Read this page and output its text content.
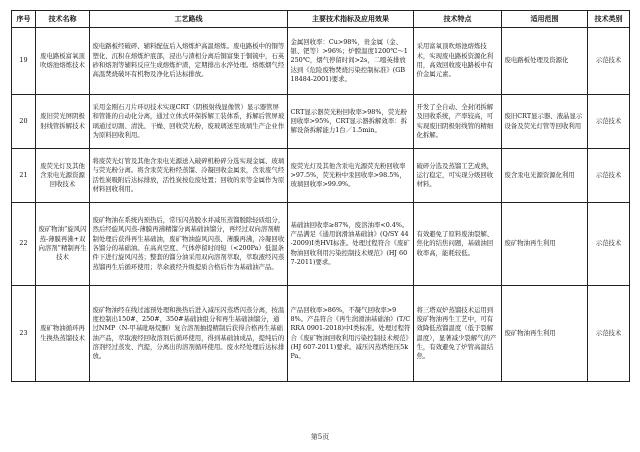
序号	技术名称	工艺路线	主要技术指标及应用效果	技术特点	适用范围	技术类别
19	废电路板富氧顶吹熔池熔炼技术	废电路板经破碎、辅料配伍后入熔炼炉高温熔炼。废电路板中的铜等塑化、沉积在熔炼炉底部，浸出与渣相分离后铜富集于铜锍中，石英砂和熔剂等辅料反应生成熔炼炉渣，定期排出水淬处理。熔炼烟气经高温焚烧破坏有机物及净化后达标排放。	金属回收率：Cu>98%，贵金属（金、银、钯等）>96%；炉膛温度1200℃～1250℃，烟气停留时间>2s，二噁英排放达到《危险废物焚烧污染控制标准》(GB 18484-2001)要求。	采用富氧顶吹熔池熔炼技术，实现废电路板资源化利用，高效回收废电路板中有价金属元素。	废电路板处理及资源化	示范技术
20	废旧荧光屏阴极射线管拆解技术	采用金刚石刀片环切技术实现CRT（阴极射线显像管）显示器管屏和管锥的自动化分离，通过立体式环保拆解工装体系，拆解后管屏玻璃通过切割、清洗、干燥、回收荧光粉，废玻璃送至玻璃生产企业作为原料回收利用。	CRT显示器荧光粉回收率>98%，荧光粉回收率>95%，CRT显示器拆解效率：拆解设备拆解能力1台／1.5min。	开发了全自动、全封闭拆解及回收系统，产率较高，可实现废旧阴极射线管的精细化拆解。	废旧CRT显示器、液晶显示设备及荧光灯管等回收利用	示范技术
21	废荧光灯及其他含汞电光源资源回收技术	将废荧光灯管及其他含汞电光源送入破碎机粉碎分选实现金属、玻璃与荧光粉分离。将含汞荧光粉经蒸馏、冷凝回收金属汞，含汞废气经活性炭吸附后达标排放，活性炭按危废处置；回收的汞等金属作为原材料回收利用。	废荧光灯及其他含汞电光源荧光粉回收率>97.5%，荧光粉中汞回收率>98.5%，玻璃回收率>99.9%。	破碎分选及蒸馏工艺成熟，运行稳定，可实现分级回收材料。	废含汞电光源资源化利用	示范技术
22	废矿物油“旋风闪蒸-薄膜再沸+双向溶剂”精制再生技术	废矿物油在系统内预热后，常压闪蒸脱水并减压蒸馏脱除轻质组分，然后经旋风闪蒸-薄膜再沸精馏分离基础油馏分，再经过双向溶剂精制处理后获得再生基础油，废矿物油旋风闪蒸、薄膜再沸，冷凝回收各馏分的基础油。在高真空度、气体停留时间短（<200Pa）低温条件下进行旋风闪蒸；整套的馏分油采用双向溶剂萃取，萃取液经闪蒸蒸馏再生后循环使用；萃余液经升级提质合格后作为基础油产品。	基础油回收率≥87%，废溶油率<0.4%。产品满足《通用润滑油基础油》(Q/SY 44-2009)I类HVI标准。处理过程符合《废矿物油回收利用污染控制技术规范》(HJ 607-2011)要求。	有效避免了原料废油裂解、焦化的结焦问题，基础油回收率高，能耗较低。	废矿物油再生利用	示范技术
23	废矿物油循环再生换热蒸馏技术	废矿物油经在线过滤预处理和换热后进入减压闪蒸塔闪蒸分离，按温度控制出150#、250#、350#基础油组分和再生基础油馏分，通过NMP（N-甲基吡咯烷酮）复合溶剂抽提精制后获得合格再生基础油产品，萃取液经回收溶剂后循环使用，得到基础油成品，提纯后的溶剂经过蒸发、汽提，分离出的溶剂循环使用。废水经处理后达标排放。	产品回收率>86%，不凝气回收率>98%。产品符合《再生润滑油基础油》(T/CRRA 0901-2018)中I类标准。处理过程符合《废矿物油回收利用污染控制技术规范》(HJ 607-2011)要求。减压闪蒸塔绝压5kPa。	将三塔双炉蒸馏技术运用到废矿物油再生工艺中，可有效降低蒸馏温度（低于裂解温度），显著减少裂解气的产生，有效避免了炉管高温结焦。	废矿物油再生利用	示范技术
第5页
